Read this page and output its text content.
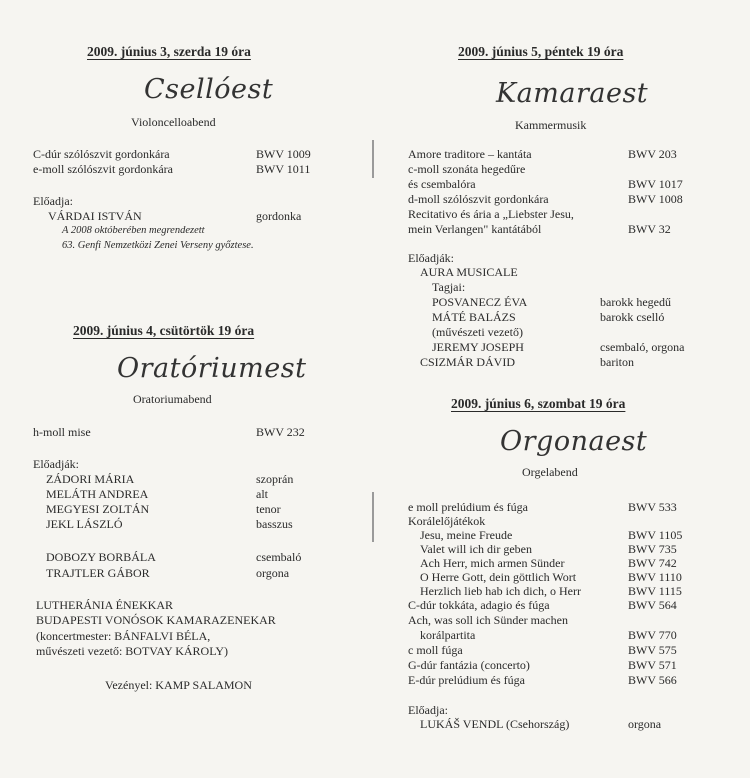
2009. június 3, szerda 19 óra
Csellóest
Violoncelloabend
C-dúr szólószvit gordonkára	BWV 1009
e-moll szólószvit gordonkára	BWV 1011
Előadja:
VÁRDAI ISTVÁN	gordonka
A 2008 októberében megrendezett
63. Genfi Nemzetközi Zenei Verseny győztese.
2009. június 4, csütörtök 19 óra
Oratóriumest
Oratoriumabend
h-moll mise	BWV 232
Előadják:
ZÁDORI MÁRIA	szoprán
MELÁTH ANDREA	alt
MEGYESI ZOLTÁN	tenor
JEKL LÁSZLÓ	basszus
DOBOZY BORBÁLA	csembaló
TRAJTLER GÁBOR	orgona
LUTHERÁNIA ÉNEKKAR
BUDAPESTI VONÓSOK KAMARAZENEKAR
(koncertmester: BÁNFALVI BÉLA,
művészeti vezető: BOTVAY KÁROLY)
Vezényel: KAMP SALAMON
2009. június 5, péntek 19 óra
Kamaraest
Kammermusik
Amore traditore – kantáta	BWV 203
c-moll szonáta hegedűre
és csembalóra	BWV 1017
d-moll szólószvit gordonkára	BWV 1008
Recitativo és ária a „Liebster Jesu,
mein Verlangen" kantátából	BWV 32
Előadják:
AURA MUSICALE
Tagjai:
POSVANECZ ÉVA	barokk hegedű
MÁTÉ BALÁZS	barokk cselló
(művészeti vezető)
JEREMY JOSEPH	csembaló, orgona
CSIZMÁR DÁVID	bariton
2009. június 6, szombat 19 óra
Orgonaest
Orgelabend
e moll prelúdium és fúga	BWV 533
Korálelőjátékok
Jesu, meine Freude	BWV 1105
Valet will ich dir geben	BWV 735
Ach Herr, mich armen Sünder	BWV 742
O Herre Gott, dein göttlich Wort	BWV 1110
Herzlich lieb hab ich dich, o Herr	BWV 1115
C-dúr tokkáta, adagio és fúga	BWV 564
Ach, was soll ich Sünder machen
korálpartita	BWV 770
c moll fúga	BWV 575
G-dúr fantázia (concerto)	BWV 571
E-dúr prelúdium és fúga	BWV 566
Előadja:
LUKÁŠ VENDL (Csehország)	orgona
